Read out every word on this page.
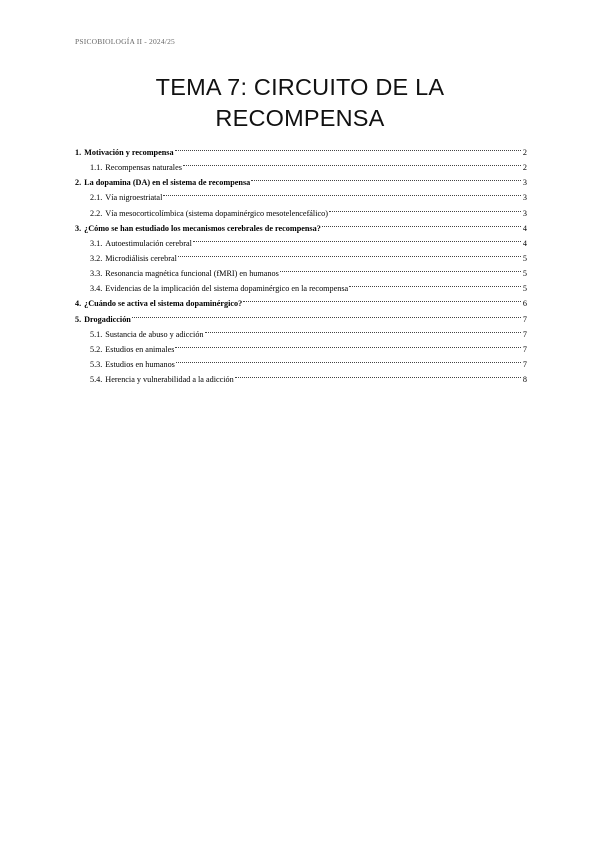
PSICOBIOLOGÍA II - 2024/25
TEMA 7: CIRCUITO DE LA
RECOMPENSA
1. Motivación y recompensa	2
1.1. Recompensas naturales	2
2. La dopamina (DA) en el sistema de recompensa	3
2.1. Vía nigroestriatal	3
2.2. Vía mesocorticolímbica (sistema dopaminérgico mesotelencefálico)	3
3. ¿Cómo se han estudiado los mecanismos cerebrales de recompensa?	4
3.1. Autoestimulación cerebral	4
3.2. Microdiálisis cerebral	5
3.3. Resonancia magnética funcional (fMRI) en humanos	5
3.4. Evidencias de la implicación del sistema dopaminérgico en la recompensa	5
4. ¿Cuándo se activa el sistema dopaminérgico?	6
5. Drogadicción	7
5.1. Sustancia de abuso y adicción	7
5.2. Estudios en animales	7
5.3. Estudios en humanos	7
5.4. Herencia y vulnerabilidad a la adicción	8
